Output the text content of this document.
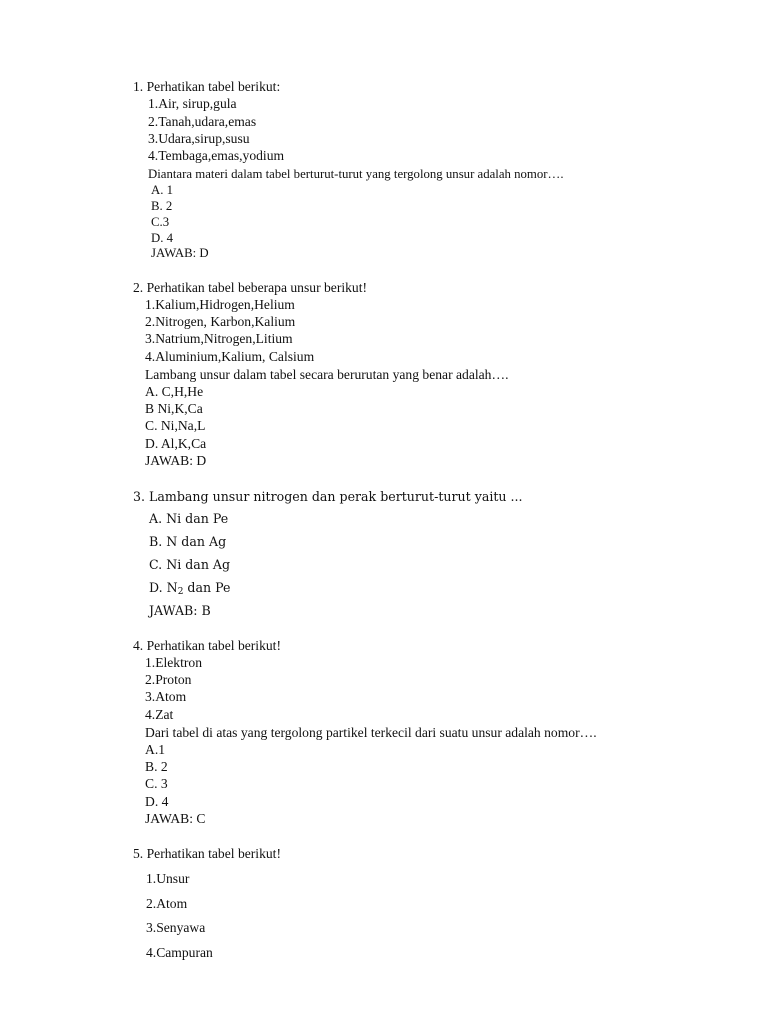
1. Perhatikan tabel berikut:
1.Air, sirup,gula
2.Tanah,udara,emas
3.Udara,sirup,susu
4.Tembaga,emas,yodium
Diantara materi dalam tabel berturut-turut yang tergolong unsur adalah nomor….
A. 1
B. 2
C.3
D. 4
JAWAB: D
2. Perhatikan tabel beberapa unsur berikut!
1.Kalium,Hidrogen,Helium
2.Nitrogen, Karbon,Kalium
3.Natrium,Nitrogen,Litium
4.Aluminium,Kalium, Calsium
Lambang unsur dalam tabel secara berurutan yang benar adalah….
A. C,H,He
B Ni,K,Ca
C. Ni,Na,L
D. Al,K,Ca
JAWAB: D
3. Lambang unsur nitrogen dan perak berturut-turut yaitu ...
A. Ni dan Pe
B. N dan Ag
C. Ni dan Ag
D. $N_2$ dan Pe
JAWAB: B
4. Perhatikan tabel berikut!
1.Elektron
2.Proton
3.Atom
4.Zat
Dari tabel di atas yang tergolong partikel terkecil dari suatu unsur adalah nomor….
A.1
B. 2
C. 3
D. 4
JAWAB: C
5. Perhatikan tabel berikut!
1.Unsur
2.Atom
3.Senyawa
4.Campuran
